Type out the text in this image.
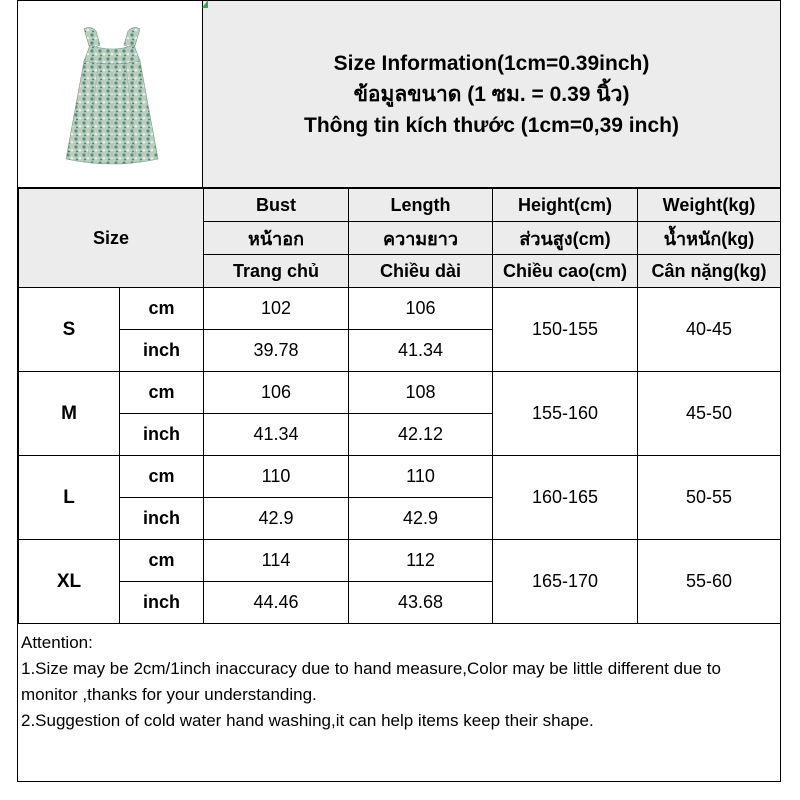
Size Information(1cm=0.39inch)
ข้อมูลขนาด (1 ซม. = 0.39 นิ้ว)
Thông tin kích thước (1cm=0,39 inch)
Size		Bust	Length	Height(cm)	Weight(kg)
		หน้าอก	ความยาว	ส่วนสูง(cm)	น้ำหนัก(kg)
		Trang chủ	Chiều dài	Chiều cao(cm)	Cân nặng(kg)
S	cm	102	106	150-155	40-45
	inch	39.78	41.34		
M	cm	106	108	155-160	45-50
	inch	41.34	42.12		
L	cm	110	110	160-165	50-55
	inch	42.9	42.9		
XL	cm	114	112	165-170	55-60
	inch	44.46	43.68		
Attention:
1.Size may be 2cm/1inch inaccuracy due to hand measure,Color may be little different due to monitor ,thanks for your understanding.
2.Suggestion of cold water hand washing,it can help items keep their shape.
